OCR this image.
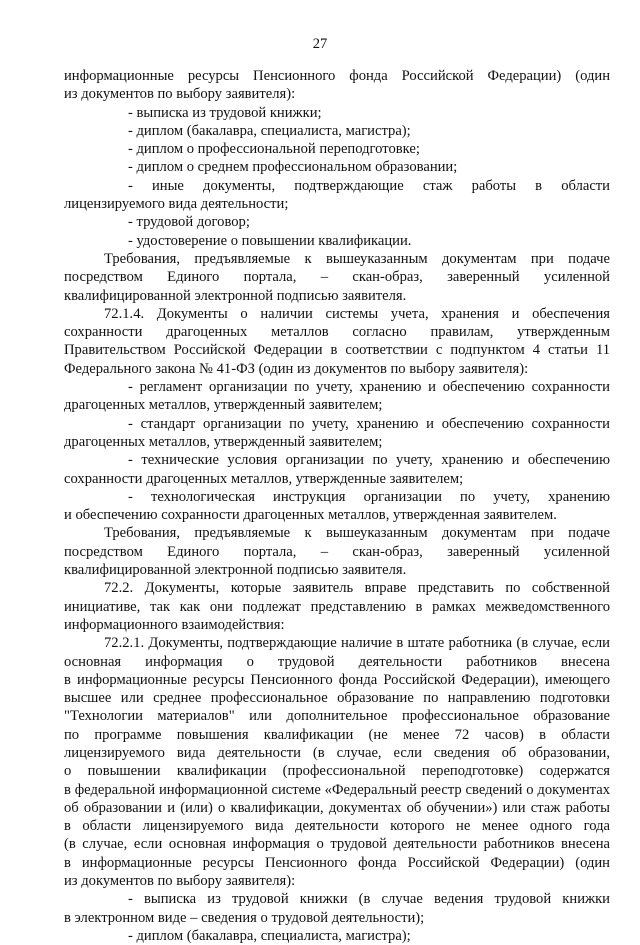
27
информационные ресурсы Пенсионного фонда Российской Федерации) (один
из документов по выбору заявителя):
- выписка из трудовой книжки;
- диплом (бакалавра, специалиста, магистра);
- диплом о профессиональной переподготовке;
- диплом о среднем профессиональном образовании;
- иные документы, подтверждающие стаж работы в области
лицензируемого вида деятельности;
- трудовой договор;
- удостоверение о повышении квалификации.
Требования, предъявляемые к вышеуказанным документам при подаче
посредством Единого портала, – скан-образ, заверенный усиленной
квалифицированной электронной подписью заявителя.
72.1.4. Документы о наличии системы учета, хранения и обеспечения
сохранности драгоценных металлов согласно правилам, утвержденным
Правительством Российской Федерации в соответствии с подпунктом 4 статьи 11
Федерального закона № 41-ФЗ (один из документов по выбору заявителя):
- регламент организации по учету, хранению и обеспечению сохранности
драгоценных металлов, утвержденный заявителем;
- стандарт организации по учету, хранению и обеспечению сохранности
драгоценных металлов, утвержденный заявителем;
- технические условия организации по учету, хранению и обеспечению
сохранности драгоценных металлов, утвержденные заявителем;
- технологическая инструкция организации по учету, хранению
и обеспечению сохранности драгоценных металлов, утвержденная заявителем.
Требования, предъявляемые к вышеуказанным документам при подаче
посредством Единого портала, – скан-образ, заверенный усиленной
квалифицированной электронной подписью заявителя.
72.2. Документы, которые заявитель вправе представить по собственной
инициативе, так как они подлежат представлению в рамках межведомственного
информационного взаимодействия:
72.2.1. Документы, подтверждающие наличие в штате работника (в случае, если
основная информация о трудовой деятельности работников внесена
в информационные ресурсы Пенсионного фонда Российской Федерации), имеющего
высшее или среднее профессиональное образование по направлению подготовки
"Технологии материалов" или дополнительное профессиональное образование
по программе повышения квалификации (не менее 72 часов) в области
лицензируемого вида деятельности (в случае, если сведения об образовании,
о повышении квалификации (профессиональной переподготовке) содержатся
в федеральной информационной системе «Федеральный реестр сведений о документах
об образовании и (или) о квалификации, документах об обучении») или стаж работы
в области лицензируемого вида деятельности которого не менее одного года
(в случае, если основная информация о трудовой деятельности работников внесена
в информационные ресурсы Пенсионного фонда Российской Федерации) (один
из документов по выбору заявителя):
- выписка из трудовой книжки (в случае ведения трудовой книжки
в электронном виде – сведения о трудовой деятельности);
- диплом (бакалавра, специалиста, магистра);
